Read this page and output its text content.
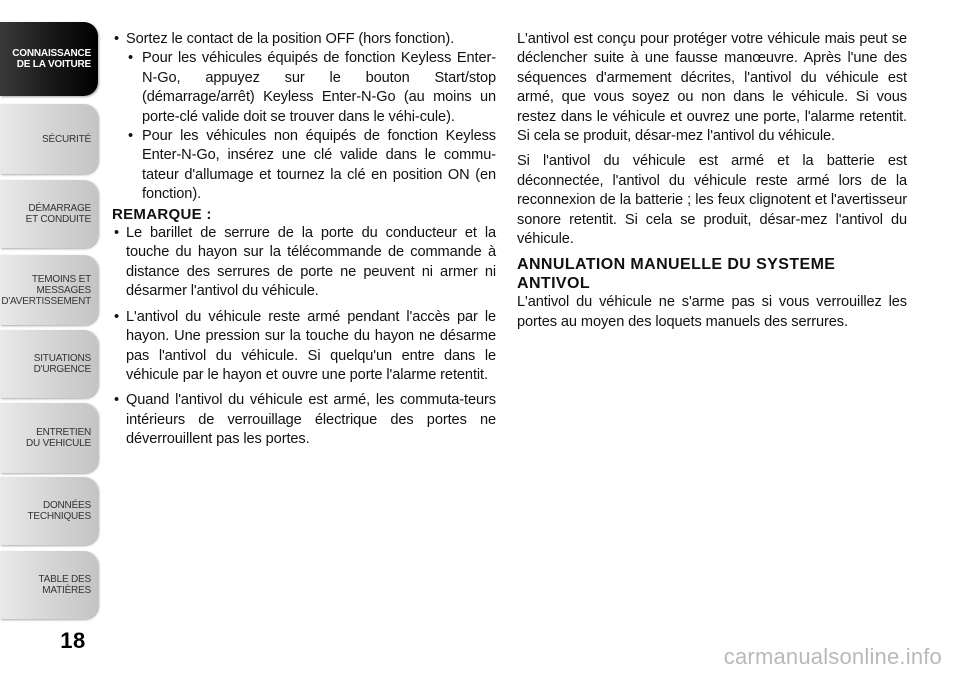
CONNAISSANCE
DE LA VOITURE
SÉCURITÉ
DÉMARRAGE
ET CONDUITE
TEMOINS ET
MESSAGES
D'AVERTISSEMENT
SITUATIONS
D'URGENCE
ENTRETIEN
DU VEHICULE
DONNÉES
TECHNIQUES
TABLE DES
MATIÈRES
18

• Sortez le contact de la position OFF (hors fonction).

• Pour les véhicules équipés de fonction Keyless Enter-N-Go, appuyez sur le bouton Start/stop (démarrage/arrêt) Keyless Enter-N-Go (au moins un porte-clé valide doit se trouver dans le véhi-cule).

• Pour les véhicules non équipés de fonction Keyless Enter-N-Go, insérez une clé valide dans le commu-tateur d'allumage et tournez la clé en position ON (en fonction).

REMARQUE :

• Le barillet de serrure de la porte du conducteur et la touche du hayon sur la télécommande de commande à distance des serrures de porte ne peuvent ni armer ni désarmer l'antivol du véhicule.

• L'antivol du véhicule reste armé pendant l'accès par le hayon. Une pression sur la touche du hayon ne désarme pas l'antivol du véhicule. Si quelqu'un entre dans le véhicule par le hayon et ouvre une porte l'alarme retentit.

• Quand l'antivol du véhicule est armé, les commuta-teurs intérieurs de verrouillage électrique des portes ne déverrouillent pas les portes.

L'antivol est conçu pour protéger votre véhicule mais peut se déclencher suite à une fausse manœuvre. Après l'une des séquences d'armement décrites, l'antivol du véhicule est armé, que vous soyez ou non dans le véhicule. Si vous restez dans le véhicule et ouvrez une porte, l'alarme retentit. Si cela se produit, désar-mez l'antivol du véhicule.

Si l'antivol du véhicule est armé et la batterie est déconnectée, l'antivol du véhicule reste armé lors de la reconnexion de la batterie ; les feux clignotent et l'avertisseur sonore retentit. Si cela se produit, désar-mez l'antivol du véhicule.

ANNULATION MANUELLE DU SYSTEME ANTIVOL

L'antivol du véhicule ne s'arme pas si vous verrouillez les portes au moyen des loquets manuels des serrures.

carmanualsonline.info
